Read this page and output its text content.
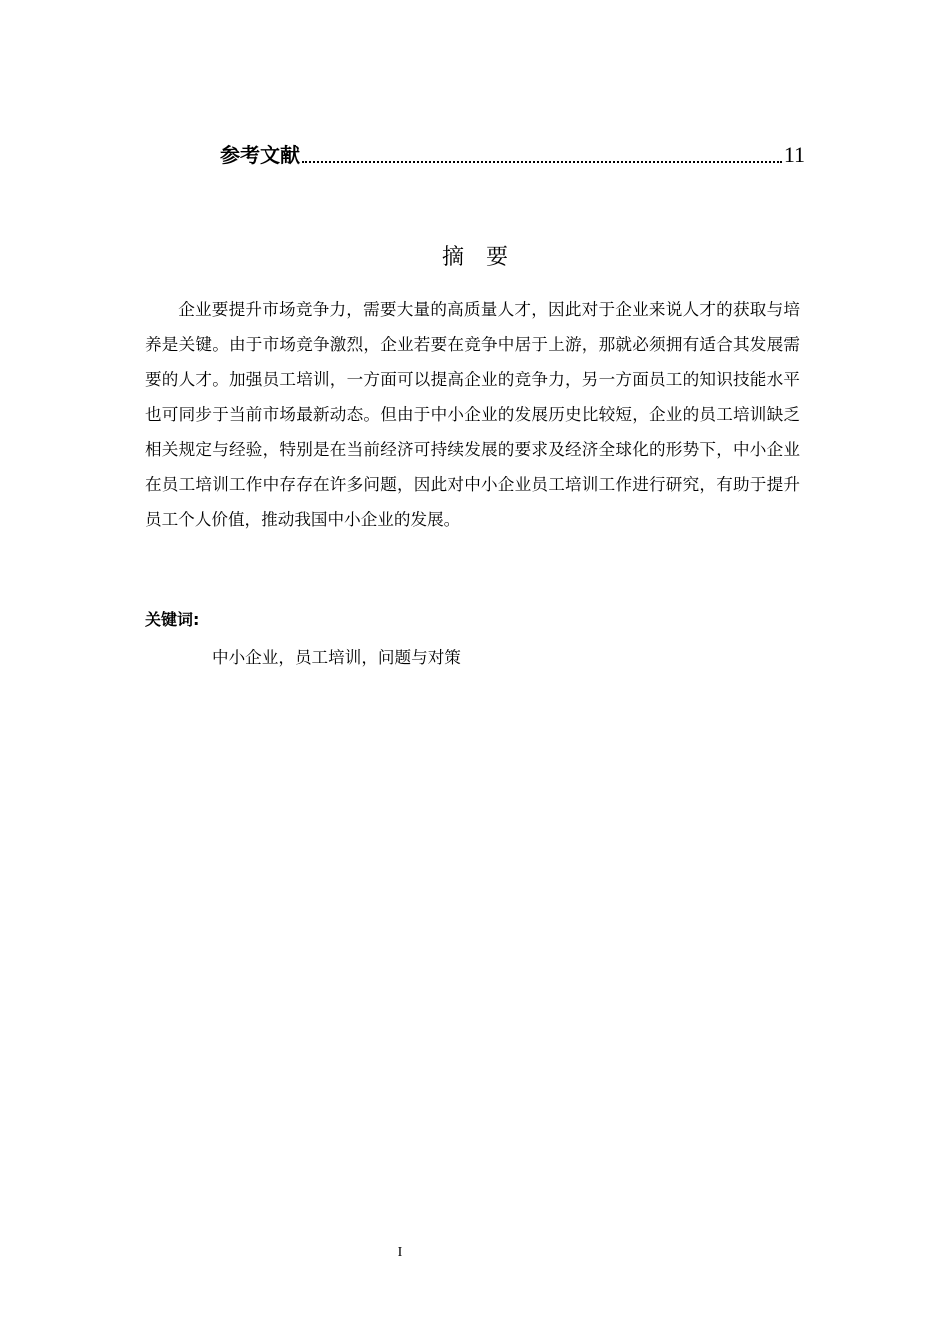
参考文献	11
摘　要

企业要提升市场竞争力，需要大量的高质量人才，因此对于企业来说人才的获取与培养是关键。由于市场竞争激烈，企业若要在竞争中居于上游，那就必须拥有适合其发展需要的人才。加强员工培训，一方面可以提高企业的竞争力，另一方面员工的知识技能水平也可同步于当前市场最新动态。但由于中小企业的发展历史比较短，企业的员工培训缺乏相关规定与经验，特别是在当前经济可持续发展的要求及经济全球化的形势下，中小企业在员工培训工作中存存在许多问题，因此对中小企业员工培训工作进行研究，有助于提升员工个人价值，推动我国中小企业的发展。

关键词:
中小企业，员工培训，问题与对策
I
